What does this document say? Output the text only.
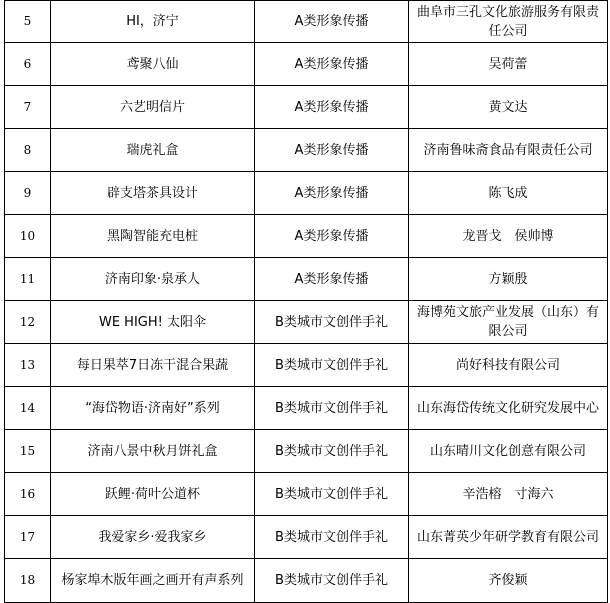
5	HI，济宁	A类形象传播	曲阜市三孔文化旅游服务有限责任公司
6	鸢聚八仙	A类形象传播	吴荷蕾
7	六艺明信片	A类形象传播	黄文达
8	瑞虎礼盒	A类形象传播	济南鲁味斋食品有限责任公司
9	辟支塔茶具设计	A类形象传播	陈飞成
10	黑陶智能充电桩	A类形象传播	龙晋戈　侯帅博
11	济南印象·泉承人	A类形象传播	方颖殷
12	WE HIGH! 太阳伞	B类城市文创伴手礼	海博苑文旅产业发展（山东）有限公司
13	每日果萃7日冻干混合果蔬	B类城市文创伴手礼	尚好科技有限公司
14	“海岱物语·济南好”系列	B类城市文创伴手礼	山东海岱传统文化研究发展中心
15	济南八景中秋月饼礼盒	B类城市文创伴手礼	山东晴川文化创意有限公司
16	跃鲤·荷叶公道杯	B类城市文创伴手礼	辛浩榕　寸海六
17	我爱家乡·爱我家乡	B类城市文创伴手礼	山东菁英少年研学教育有限公司
18	杨家埠木版年画之画开有声系列	B类城市文创伴手礼	齐俊颖
